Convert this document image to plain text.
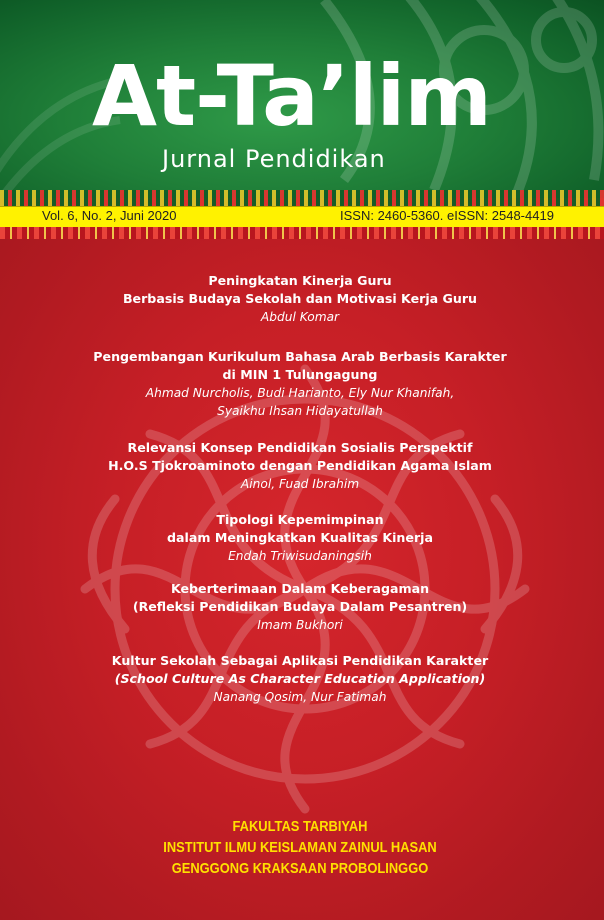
At-Ta’lim
Jurnal Pendidikan
Vol. 6, No. 2, Juni 2020	ISSN: 2460-5360. eISSN: 2548-4419
Peningkatan Kinerja Guru
Berbasis Budaya Sekolah dan Motivasi Kerja Guru
Abdul Komar
Pengembangan Kurikulum Bahasa Arab Berbasis Karakter
di MIN 1 Tulungagung
Ahmad Nurcholis, Budi Harianto, Ely Nur Khanifah,
Syaikhu Ihsan Hidayatullah
Relevansi Konsep Pendidikan Sosialis Perspektif
H.O.S Tjokroaminoto dengan Pendidikan Agama Islam
Ainol, Fuad Ibrahim
Tipologi Kepemimpinan
dalam Meningkatkan Kualitas Kinerja
Endah Triwisudaningsih
Keberterimaan Dalam Keberagaman
(Refleksi Pendidikan Budaya Dalam Pesantren)
Imam Bukhori
Kultur Sekolah Sebagai Aplikasi Pendidikan Karakter
(School Culture As Character Education Application)
Nanang Qosim, Nur Fatimah
FAKULTAS TARBIYAH
INSTITUT ILMU KEISLAMAN ZAINUL HASAN
GENGGONG KRAKSAAN PROBOLINGGO
